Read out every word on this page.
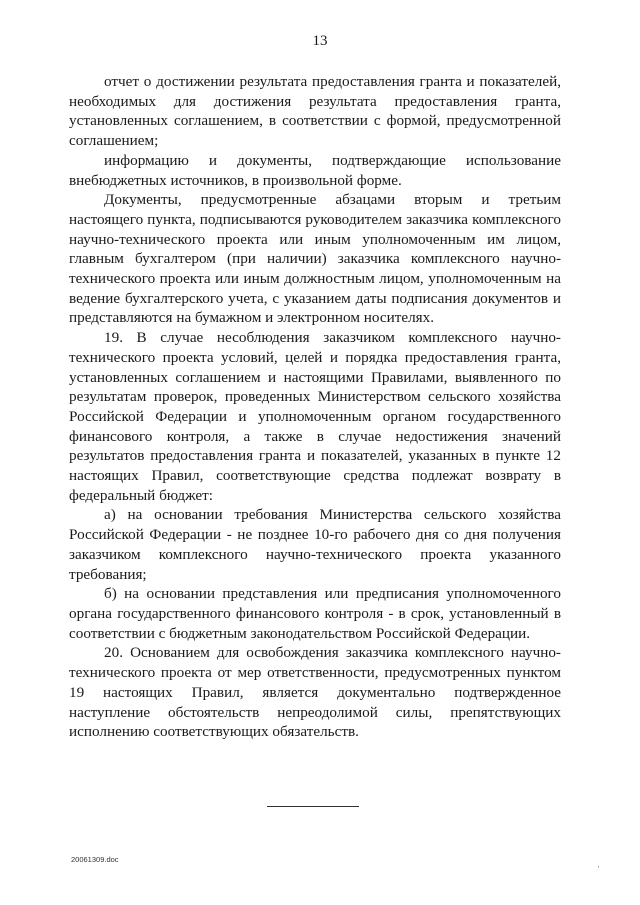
13

отчет о достижении результата предоставления гранта и показателей, необходимых для достижения результата предоставления гранта, установленных соглашением, в соответствии с формой, предусмотренной соглашением;

информацию и документы, подтверждающие использование внебюджетных источников, в произвольной форме.

Документы, предусмотренные абзацами вторым и третьим настоящего пункта, подписываются руководителем заказчика комплексного научно-технического проекта или иным уполномоченным им лицом, главным бухгалтером (при наличии) заказчика комплексного научно-технического проекта или иным должностным лицом, уполномоченным на ведение бухгалтерского учета, с указанием даты подписания документов и представляются на бумажном и электронном носителях.

19. В случае несоблюдения заказчиком комплексного научно-технического проекта условий, целей и порядка предоставления гранта, установленных соглашением и настоящими Правилами, выявленного по результатам проверок, проведенных Министерством сельского хозяйства Российской Федерации и уполномоченным органом государственного финансового контроля, а также в случае недостижения значений результатов предоставления гранта и показателей, указанных в пункте 12 настоящих Правил, соответствующие средства подлежат возврату в федеральный бюджет:

а) на основании требования Министерства сельского хозяйства Российской Федерации - не позднее 10-го рабочего дня со дня получения заказчиком комплексного научно-технического проекта указанного требования;

б) на основании представления или предписания уполномоченного органа государственного финансового контроля - в срок, установленный в соответствии с бюджетным законодательством Российской Федерации.

20. Основанием для освобождения заказчика комплексного научно-технического проекта от мер ответственности, предусмотренных пунктом 19 настоящих Правил, является документально подтвержденное наступление обстоятельств непреодолимой силы, препятствующих исполнению соответствующих обязательств.

20061309.doc
'
